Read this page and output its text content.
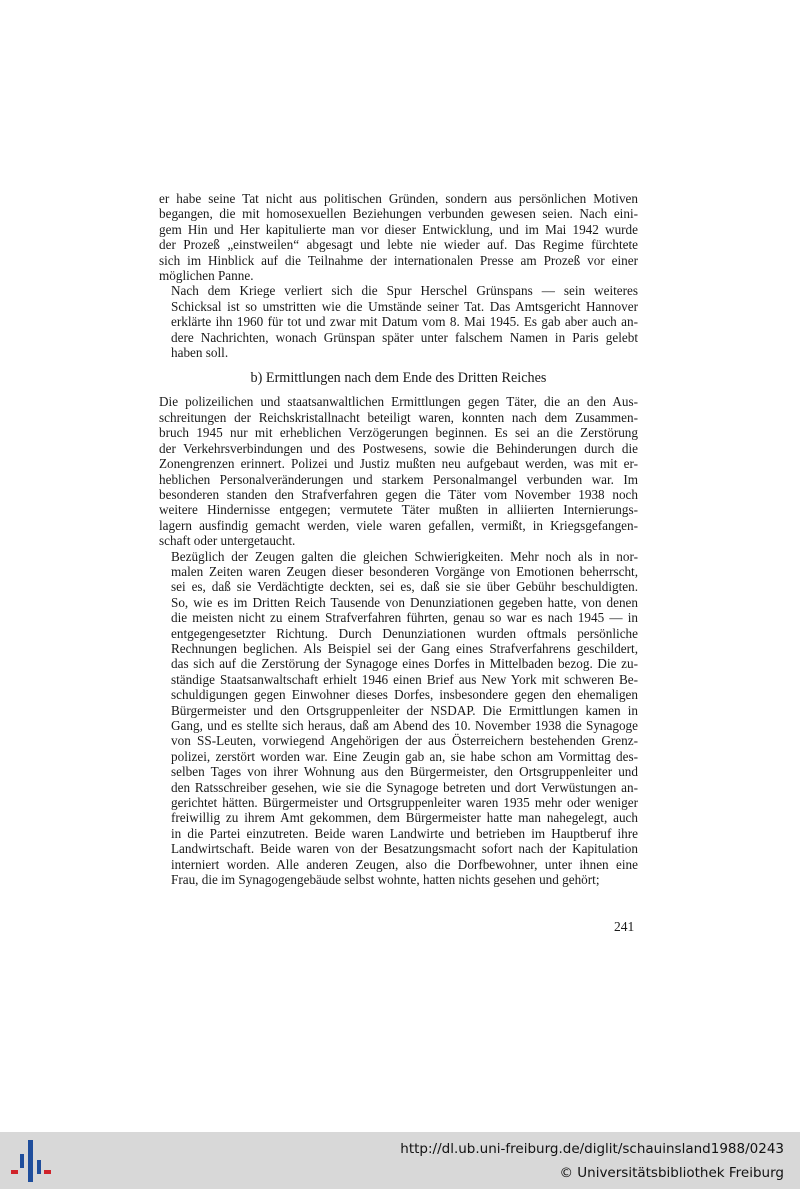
er habe seine Tat nicht aus politischen Gründen, sondern aus persönlichen Motiven
begangen, die mit homosexuellen Beziehungen verbunden gewesen seien. Nach eini-
gem Hin und Her kapitulierte man vor dieser Entwicklung, und im Mai 1942 wurde
der Prozeß „einstweilen“ abgesagt und lebte nie wieder auf. Das Regime fürchtete
sich im Hinblick auf die Teilnahme der internationalen Presse am Prozeß vor einer
möglichen Panne.

Nach dem Kriege verliert sich die Spur Herschel Grünspans — sein weiteres
Schicksal ist so umstritten wie die Umstände seiner Tat. Das Amtsgericht Hannover
erklärte ihn 1960 für tot und zwar mit Datum vom 8. Mai 1945. Es gab aber auch an-
dere Nachrichten, wonach Grünspan später unter falschem Namen in Paris gelebt
haben soll.

b) Ermittlungen nach dem Ende des Dritten Reiches

Die polizeilichen und staatsanwaltlichen Ermittlungen gegen Täter, die an den Aus-
schreitungen der Reichskristallnacht beteiligt waren, konnten nach dem Zusammen-
bruch 1945 nur mit erheblichen Verzögerungen beginnen. Es sei an die Zerstörung
der Verkehrsverbindungen und des Postwesens, sowie die Behinderungen durch die
Zonengrenzen erinnert. Polizei und Justiz mußten neu aufgebaut werden, was mit er-
heblichen Personalveränderungen und starkem Personalmangel verbunden war. Im
besonderen standen den Strafverfahren gegen die Täter vom November 1938 noch
weitere Hindernisse entgegen; vermutete Täter mußten in alliierten Internierungs-
lagern ausfindig gemacht werden, viele waren gefallen, vermißt, in Kriegsgefangen-
schaft oder untergetaucht.

Bezüglich der Zeugen galten die gleichen Schwierigkeiten. Mehr noch als in nor-
malen Zeiten waren Zeugen dieser besonderen Vorgänge von Emotionen beherrscht,
sei es, daß sie Verdächtigte deckten, sei es, daß sie sie über Gebühr beschuldigten.
So, wie es im Dritten Reich Tausende von Denunziationen gegeben hatte, von denen
die meisten nicht zu einem Strafverfahren führten, genau so war es nach 1945 — in
entgegengesetzter Richtung. Durch Denunziationen wurden oftmals persönliche
Rechnungen beglichen. Als Beispiel sei der Gang eines Strafverfahrens geschildert,
das sich auf die Zerstörung der Synagoge eines Dorfes in Mittelbaden bezog. Die zu-
ständige Staatsanwaltschaft erhielt 1946 einen Brief aus New York mit schweren Be-
schuldigungen gegen Einwohner dieses Dorfes, insbesondere gegen den ehemaligen
Bürgermeister und den Ortsgruppenleiter der NSDAP. Die Ermittlungen kamen in
Gang, und es stellte sich heraus, daß am Abend des 10. November 1938 die Synagoge
von SS-Leuten, vorwiegend Angehörigen der aus Österreichern bestehenden Grenz-
polizei, zerstört worden war. Eine Zeugin gab an, sie habe schon am Vormittag des-
selben Tages von ihrer Wohnung aus den Bürgermeister, den Ortsgruppenleiter und
den Ratsschreiber gesehen, wie sie die Synagoge betreten und dort Verwüstungen an-
gerichtet hätten. Bürgermeister und Ortsgruppenleiter waren 1935 mehr oder weniger
freiwillig zu ihrem Amt gekommen, dem Bürgermeister hatte man nahegelegt, auch
in die Partei einzutreten. Beide waren Landwirte und betrieben im Hauptberuf ihre
Landwirtschaft. Beide waren von der Besatzungsmacht sofort nach der Kapitulation
interniert worden. Alle anderen Zeugen, also die Dorfbewohner, unter ihnen eine
Frau, die im Synagogengebäude selbst wohnte, hatten nichts gesehen und gehört;

241
http://dl.ub.uni-freiburg.de/diglit/schauinsland1988/0243
© Universitätsbibliothek Freiburg
